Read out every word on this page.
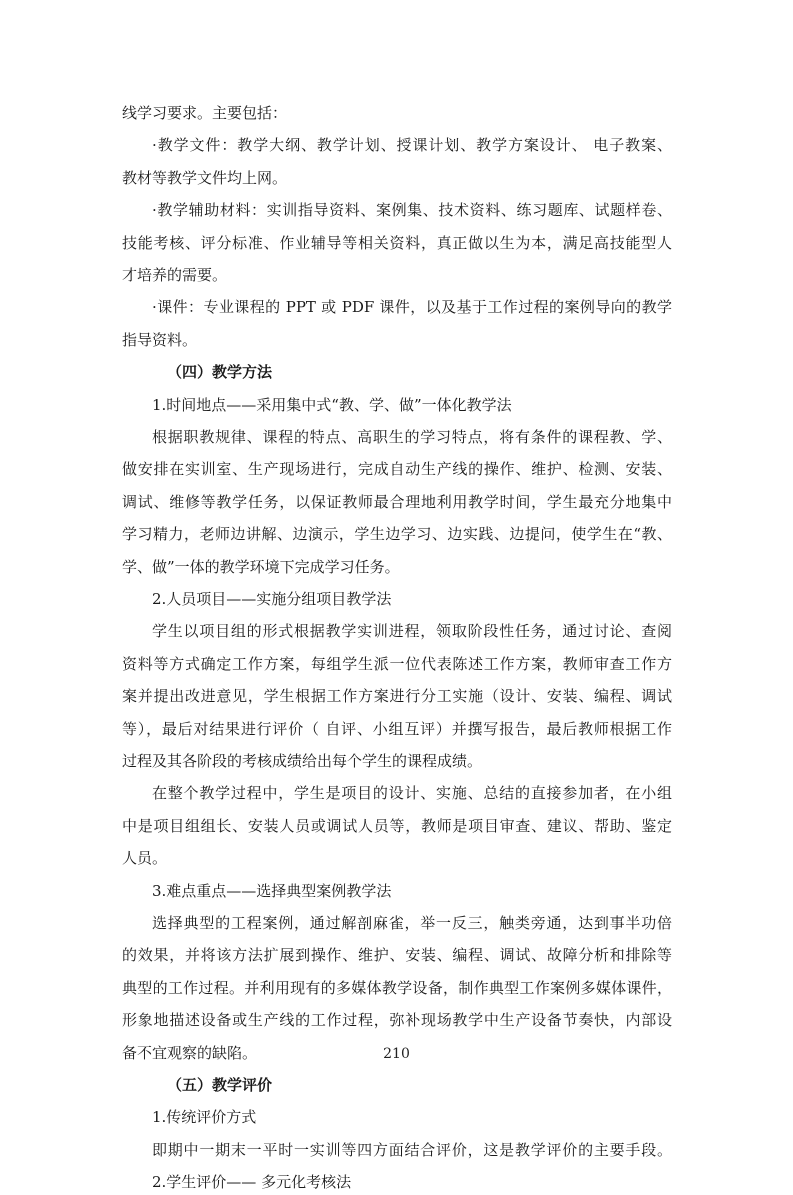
线学习要求。主要包括：
·教学文件：教学大纲、教学计划、授课计划、教学方案设计、 电子教案、
教材等教学文件均上网。
·教学辅助材料：实训指导资料、案例集、技术资料、练习题库、试题样卷、
技能考核、评分标准、作业辅导等相关资料，真正做以生为本，满足高技能型人
才培养的需要。
·课件：专业课程的 PPT 或 PDF 课件，以及基于工作过程的案例导向的教学
指导资料。
（四）教学方法
1.时间地点——采用集中式“教、学、做”一体化教学法
根据职教规律、课程的特点、高职生的学习特点，将有条件的课程教、学、
做安排在实训室、生产现场进行，完成自动生产线的操作、维护、检测、安装、
调试、维修等教学任务，以保证教师最合理地利用教学时间，学生最充分地集中
学习精力，老师边讲解、边演示，学生边学习、边实践、边提问，使学生在“教、
学、做”一体的教学环境下完成学习任务。
2.人员项目——实施分组项目教学法
学生以项目组的形式根据教学实训进程，领取阶段性任务，通过讨论、查阅
资料等方式确定工作方案，每组学生派一位代表陈述工作方案，教师审查工作方
案并提出改进意见，学生根据工作方案进行分工实施（设计、安装、编程、调试
等），最后对结果进行评价（ 自评、小组互评）并撰写报告，最后教师根据工作
过程及其各阶段的考核成绩给出每个学生的课程成绩。
在整个教学过程中，学生是项目的设计、实施、总结的直接参加者，在小组
中是项目组组长、安装人员或调试人员等，教师是项目审查、建议、帮助、鉴定
人员。
3.难点重点——选择典型案例教学法
选择典型的工程案例，通过解剖麻雀，举一反三，触类旁通，达到事半功倍
的效果，并将该方法扩展到操作、维护、安装、编程、调试、故障分析和排除等
典型的工作过程。并利用现有的多媒体教学设备，制作典型工作案例多媒体课件，
形象地描述设备或生产线的工作过程，弥补现场教学中生产设备节奏快，内部设
备不宜观察的缺陷。
（五）教学评价
1.传统评价方式
即期中一期末一平时一实训等四方面结合评价，这是教学评价的主要手段。
2.学生评价—— 多元化考核法
210
